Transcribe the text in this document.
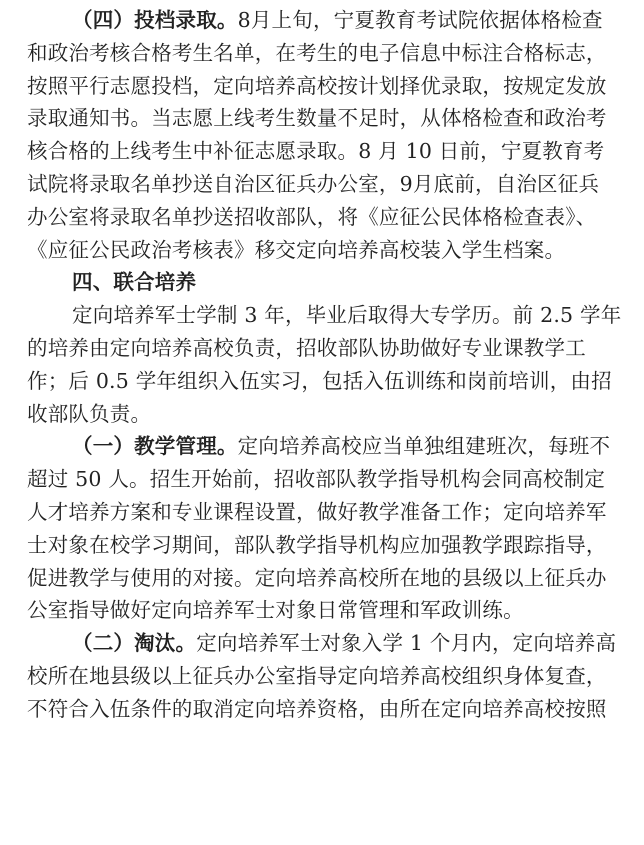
（四）投档录取。8月上旬，宁夏教育考试院依据体格检查
和政治考核合格考生名单，在考生的电子信息中标注合格标志，
按照平行志愿投档，定向培养高校按计划择优录取，按规定发放
录取通知书。当志愿上线考生数量不足时，从体格检查和政治考
核合格的上线考生中补征志愿录取。8 月 10 日前，宁夏教育考
试院将录取名单抄送自治区征兵办公室，9月底前，自治区征兵
办公室将录取名单抄送招收部队，将《应征公民体格检查表》、
《应征公民政治考核表》移交定向培养高校装入学生档案。
四、联合培养
定向培养军士学制 3 年，毕业后取得大专学历。前 2.5 学年
的培养由定向培养高校负责，招收部队协助做好专业课教学工
作；后 0.5 学年组织入伍实习，包括入伍训练和岗前培训，由招
收部队负责。
（一）教学管理。定向培养高校应当单独组建班次，每班不
超过 50 人。招生开始前，招收部队教学指导机构会同高校制定
人才培养方案和专业课程设置，做好教学准备工作；定向培养军
士对象在校学习期间，部队教学指导机构应加强教学跟踪指导，
促进教学与使用的对接。定向培养高校所在地的县级以上征兵办
公室指导做好定向培养军士对象日常管理和军政训练。
（二）淘汰。定向培养军士对象入学 1 个月内，定向培养高
校所在地县级以上征兵办公室指导定向培养高校组织身体复查，
不符合入伍条件的取消定向培养资格，由所在定向培养高校按照
